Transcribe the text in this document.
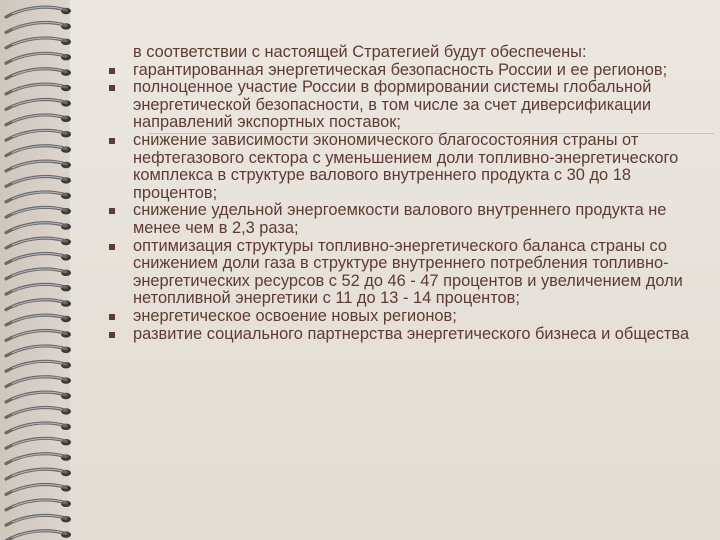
в соответствии с настоящей Стратегией будут обеспечены:
гарантированная энергетическая безопасность России и ее регионов;
полноценное участие России в формировании системы глобальной энергетической безопасности, в том числе за счет диверсификации направлений экспортных поставок;
снижение зависимости экономического благосостояния страны от нефтегазового сектора с уменьшением доли топливно-энергетического комплекса в структуре валового внутреннего продукта с 30 до 18 процентов;
снижение удельной энергоемкости валового внутреннего продукта не менее чем в 2,3 раза;
оптимизация структуры топливно-энергетического баланса страны со снижением доли газа в структуре внутреннего потребления топливно-энергетических ресурсов с 52 до 46 - 47 процентов и увеличением доли нетопливной энергетики с 11 до 13 - 14 процентов;
энергетическое освоение новых регионов;
развитие социального партнерства энергетического бизнеса и общества
